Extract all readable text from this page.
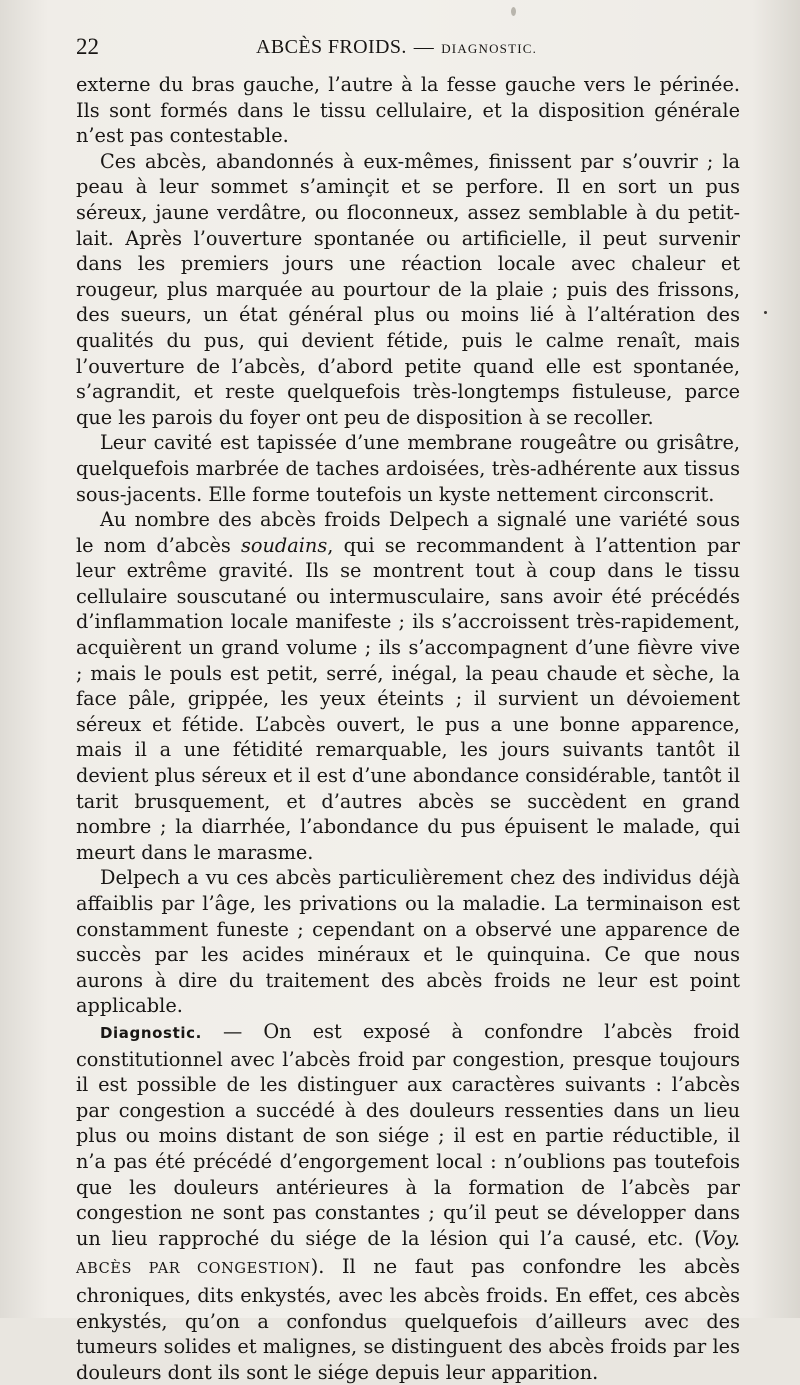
22	ABCÈS FROIDS. — DIAGNOSTIC.

externe du bras gauche, l’autre à la fesse gauche vers le périnée. Ils sont formés dans le tissu cellulaire, et la disposition générale n’est pas contestable.

Ces abcès, abandonnés à eux-mêmes, finissent par s’ouvrir ; la peau à leur sommet s’aminçit et se perfore. Il en sort un pus séreux, jaune verdâtre, ou floconneux, assez semblable à du petit-lait. Après l’ouverture spontanée ou artificielle, il peut survenir dans les premiers jours une réaction locale avec chaleur et rougeur, plus marquée au pourtour de la plaie ; puis des frissons, des sueurs, un état général plus ou moins lié à l’altération des qualités du pus, qui devient fétide, puis le calme renaît, mais l’ouverture de l’abcès, d’abord petite quand elle est spontanée, s’agrandit, et reste quelquefois très-longtemps fistuleuse, parce que les parois du foyer ont peu de disposition à se recoller.

Leur cavité est tapissée d’une membrane rougeâtre ou grisâtre, quelquefois marbrée de taches ardoisées, très-adhérente aux tissus sous-jacents. Elle forme toutefois un kyste nettement circonscrit.

Au nombre des abcès froids Delpech a signalé une variété sous le nom d’abcès soudains, qui se recommandent à l’attention par leur extrême gravité. Ils se montrent tout à coup dans le tissu cellulaire souscutané ou intermusculaire, sans avoir été précédés d’inflammation locale manifeste ; ils s’accroissent très-rapidement, acquièrent un grand volume ; ils s’accompagnent d’une fièvre vive ; mais le pouls est petit, serré, inégal, la peau chaude et sèche, la face pâle, grippée, les yeux éteints ; il survient un dévoiement séreux et fétide. L’abcès ouvert, le pus a une bonne apparence, mais il a une fétidité remarquable, les jours suivants tantôt il devient plus séreux et il est d’une abondance considérable, tantôt il tarit brusquement, et d’autres abcès se succèdent en grand nombre ; la diarrhée, l’abondance du pus épuisent le malade, qui meurt dans le marasme.

Delpech a vu ces abcès particulièrement chez des individus déjà affaiblis par l’âge, les privations ou la maladie. La terminaison est constamment funeste ; cependant on a observé une apparence de succès par les acides minéraux et le quinquina. Ce que nous aurons à dire du traitement des abcès froids ne leur est point applicable.

Diagnostic. — On est exposé à confondre l’abcès froid constitutionnel avec l’abcès froid par congestion, presque toujours il est possible de les distinguer aux caractères suivants : l’abcès par congestion a succédé à des douleurs ressenties dans un lieu plus ou moins distant de son siége ; il est en partie réductible, il n’a pas été précédé d’engorgement local : n’oublions pas toutefois que les douleurs antérieures à la formation de l’abcès par congestion ne sont pas constantes ; qu’il peut se développer dans un lieu rapproché du siége de la lésion qui l’a causé, etc. (Voy. ABCÈS PAR CONGESTION). Il ne faut pas confondre les abcès chroniques, dits enkystés, avec les abcès froids. En effet, ces abcès enkystés, qu’on a confondus quelquefois d’ailleurs avec des tumeurs solides et malignes, se distinguent des abcès froids par les douleurs dont ils sont le siége depuis leur apparition.
